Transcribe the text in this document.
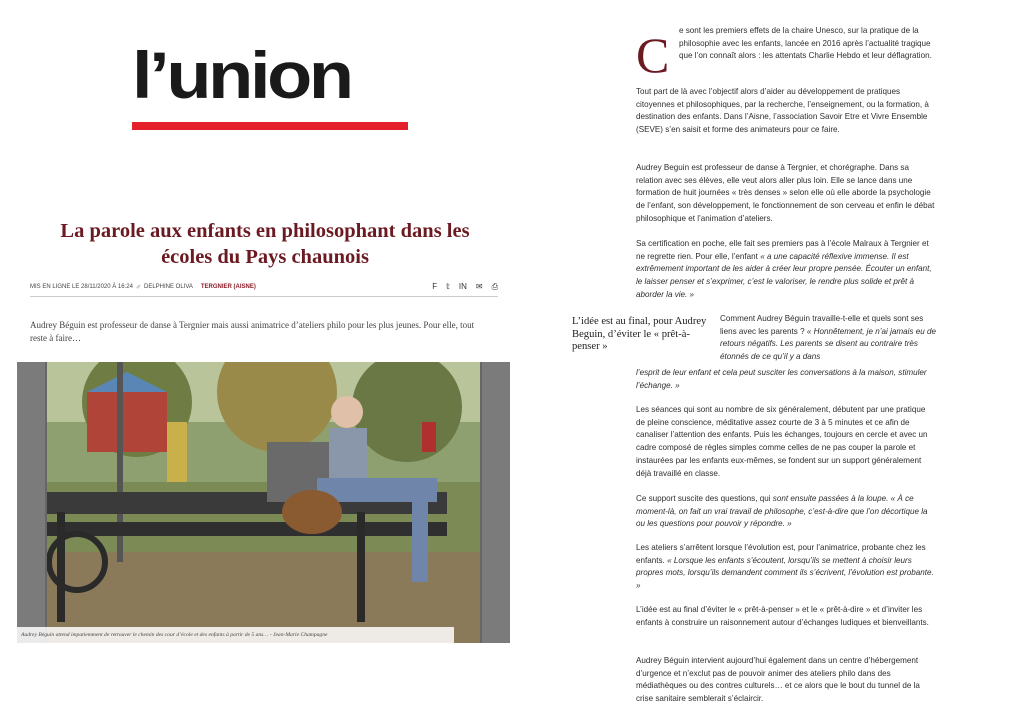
l’union
La parole aux enfants en philosophant dans les écoles du Pays chaunois
MIS EN LIGNE LE 28/11/2020 À 16:24 ✐ DELPHINE OLIVA TERGNIER (AISNE)	F 𝕥 IN ✉ ⎙

Audrey Béguin est professeur de danse à Tergnier mais aussi animatrice d’ateliers philo pour les plus jeunes. Pour elle, tout reste à faire…

Audrey Béguin attend impatiemment de retrouver le chemin des cour d’école et des enfants à partir de 5 ans… - Jean-Marie Champagne
C e sont les premiers effets de la chaire Unesco, sur la pratique de la philosophie avec les enfants, lancée en 2016 après l’actualité tragique que l’on connaît alors : les attentats Charlie Hebdo et leur déflagration.

Tout part de là avec l’objectif alors d’aider au développement de pratiques citoyennes et philosophiques, par la recherche, l’enseignement, ou la formation, à destination des enfants. Dans l’Aisne, l’association Savoir Etre et Vivre Ensemble (SEVE) s’en saisit et forme des animateurs pour ce faire.

Audrey Beguin est professeur de danse à Tergnier, et chorégraphe. Dans sa relation avec ses élèves, elle veut alors aller plus loin. Elle se lance dans une formation de huit journées « très denses » selon elle où elle aborde la psychologie de l’enfant, son développement, le fonctionnement de son cerveau et enfin le débat philosophique et l’animation d’ateliers.

Sa certification en poche, elle fait ses premiers pas à l’école Malraux à Tergnier et ne regrette rien. Pour elle, l’enfant « a une capacité réflexive immense. Il est extrêmement important de les aider à créer leur propre pensée. Écouter un enfant, le laisser penser et s’exprimer, c’est le valoriser, le rendre plus solide et prêt à aborder la vie. »

L’idée est au final, pour Audrey Beguin, d’éviter le « prêt-à-penser »

Comment Audrey Béguin travaille-t-elle et quels sont ses liens avec les parents ? « Honnêtement, je n’ai jamais eu de retours négatifs. Les parents se disent au contraire très étonnés de ce qu’il y a dans

l’esprit de leur enfant et cela peut susciter les conversations à la maison, stimuler l’échange. »

Les séances qui sont au nombre de six généralement, débutent par une pratique de pleine conscience, méditative assez courte de 3 à 5 minutes et ce afin de canaliser l’attention des enfants. Puis les échanges, toujours en cercle et avec un cadre composé de règles simples comme celles de ne pas couper la parole et instaurées par les enfants eux-mêmes, se fondent sur un support généralement déjà travaillé en classe.

Ce support suscite des questions, qui sont ensuite passées à la loupe. « À ce moment-là, on fait un vrai travail de philosophe, c’est-à-dire que l’on décortique la ou les questions pour pouvoir y répondre. »

Les ateliers s’arrêtent lorsque l’évolution est, pour l’animatrice, probante chez les enfants. « Lorsque les enfants s’écoutent, lorsqu’ils se mettent à choisir leurs propres mots, lorsqu’ils demandent comment ils s’écrivent, l’évolution est probante. »

L’idée est au final d’éviter le « prêt-à-penser » et le « prêt-à-dire » et d’inviter les enfants à construire un raisonnement autour d’échanges ludiques et bienveillants.

Audrey Béguin intervient aujourd’hui également dans un centre d’hébergement d’urgence et n’exclut pas de pouvoir animer des ateliers philo dans des médiathèques ou des contres culturels… et ce alors que le bout du tunnel de la crise sanitaire semblerait s’éclaircir.
